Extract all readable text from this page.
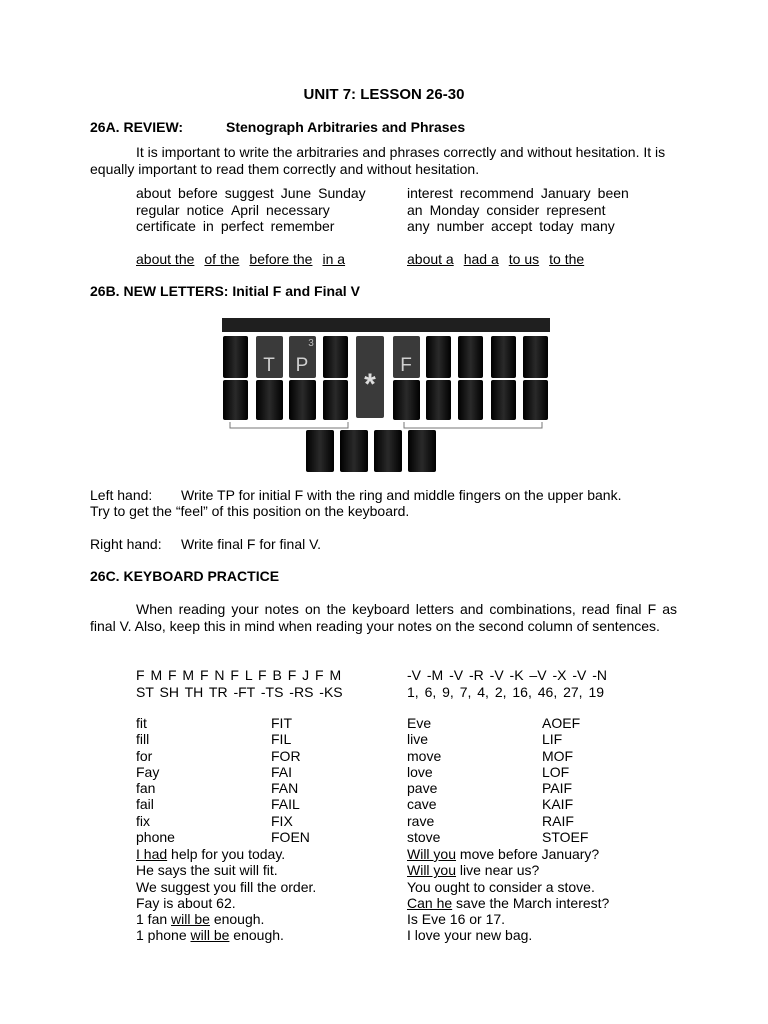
UNIT 7: LESSON 26-30
26A. REVIEW:	Stenograph Arbitraries and Phrases
It is important to write the arbitraries and phrases correctly and without hesitation. It is equally important to read them correctly and without hesitation.
about before suggest June Sunday
regular notice April necessary
certificate in perfect remember
interest recommend January been
an Monday consider represent
any number accept today many
about the of the before the in a	about a had a to us to the
26B. NEW LETTERS: Initial F and Final V
T P
3
*
F
Left hand: Write TP for initial F with the ring and middle fingers on the upper bank.
Try to get the “feel” of this position on the keyboard.
Right hand: Write final F for final V.
26C. KEYBOARD PRACTICE
When reading your notes on the keyboard letters and combinations, read final F as final V. Also, keep this in mind when reading your notes on the second column of sentences.
F M F M F N F L F B F J F M
ST SH TH TR -FT -TS -RS -KS
-V -M -V -R -V -K –V -X -V -N
1, 6, 9, 7, 4, 2, 16, 46, 27, 19
fit
fill
for
Fay
fan
fail
fix
phone
FIT
FIL
FOR
FAI
FAN
FAIL
FIX
FOEN
Eve
live
move
love
pave
cave
rave
stove
AOEF
LIF
MOF
LOF
PAIF
KAIF
RAIF
STOEF
I had help for you today.
He says the suit will fit.
We suggest you fill the order.
Fay is about 62.
1 fan will be enough.
1 phone will be enough.
Will you move before January?
Will you live near us?
You ought to consider a stove.
Can he save the March interest?
Is Eve 16 or 17.
I love your new bag.
